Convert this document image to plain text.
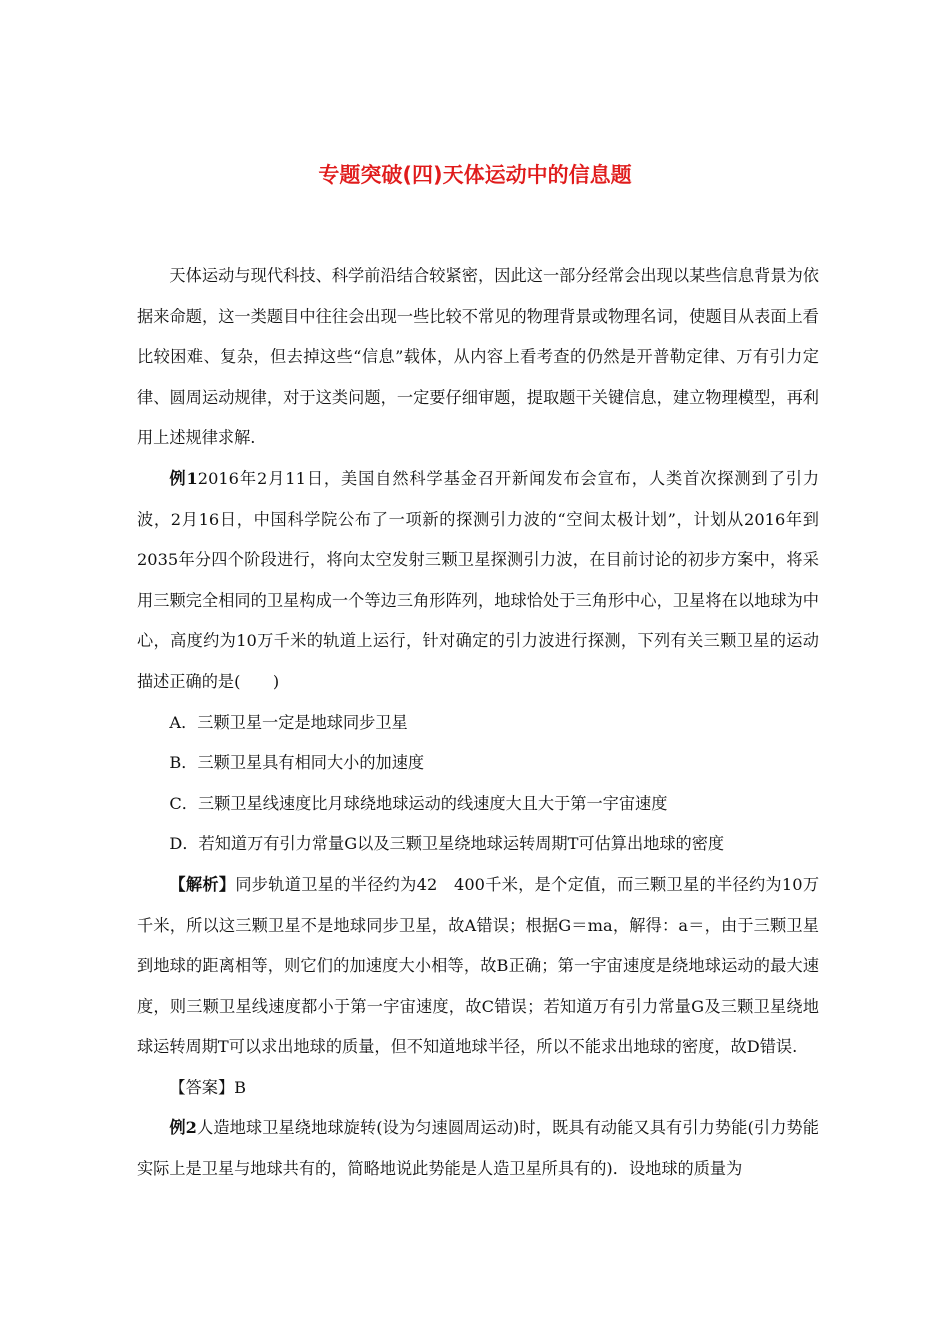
专题突破(四)天体运动中的信息题

天体运动与现代科技、科学前沿结合较紧密，因此这一部分经常会出现以某些信息背景为依据来命题，这一类题目中往往会出现一些比较不常见的物理背景或物理名词，使题目从表面上看比较困难、复杂，但去掉这些“信息”载体，从内容上看考查的仍然是开普勒定律、万有引力定律、圆周运动规律，对于这类问题，一定要仔细审题，提取题干关键信息，建立物理模型，再利用上述规律求解.

例12016年2月11日，美国自然科学基金召开新闻发布会宣布，人类首次探测到了引力波，2月16日，中国科学院公布了一项新的探测引力波的“空间太极计划”，计划从2016年到2035年分四个阶段进行，将向太空发射三颗卫星探测引力波，在目前讨论的初步方案中，将采用三颗完全相同的卫星构成一个等边三角形阵列，地球恰处于三角形中心，卫星将在以地球为中心，高度约为10万千米的轨道上运行，针对确定的引力波进行探测，下列有关三颗卫星的运动描述正确的是(　　)

A．三颗卫星一定是地球同步卫星

B．三颗卫星具有相同大小的加速度

C．三颗卫星线速度比月球绕地球运动的线速度大且大于第一宇宙速度

D．若知道万有引力常量G以及三颗卫星绕地球运转周期T可估算出地球的密度

【解析】同步轨道卫星的半径约为42　400千米，是个定值，而三颗卫星的半径约为10万千米，所以这三颗卫星不是地球同步卫星，故A错误；根据G＝ma，解得：a＝，由于三颗卫星到地球的距离相等，则它们的加速度大小相等，故B正确；第一宇宙速度是绕地球运动的最大速度，则三颗卫星线速度都小于第一宇宙速度，故C错误；若知道万有引力常量G及三颗卫星绕地球运转周期T可以求出地球的质量，但不知道地球半径，所以不能求出地球的密度，故D错误.

【答案】B

例2人造地球卫星绕地球旋转(设为匀速圆周运动)时，既具有动能又具有引力势能(引力势能实际上是卫星与地球共有的，简略地说此势能是人造卫星所具有的)．设地球的质量为
